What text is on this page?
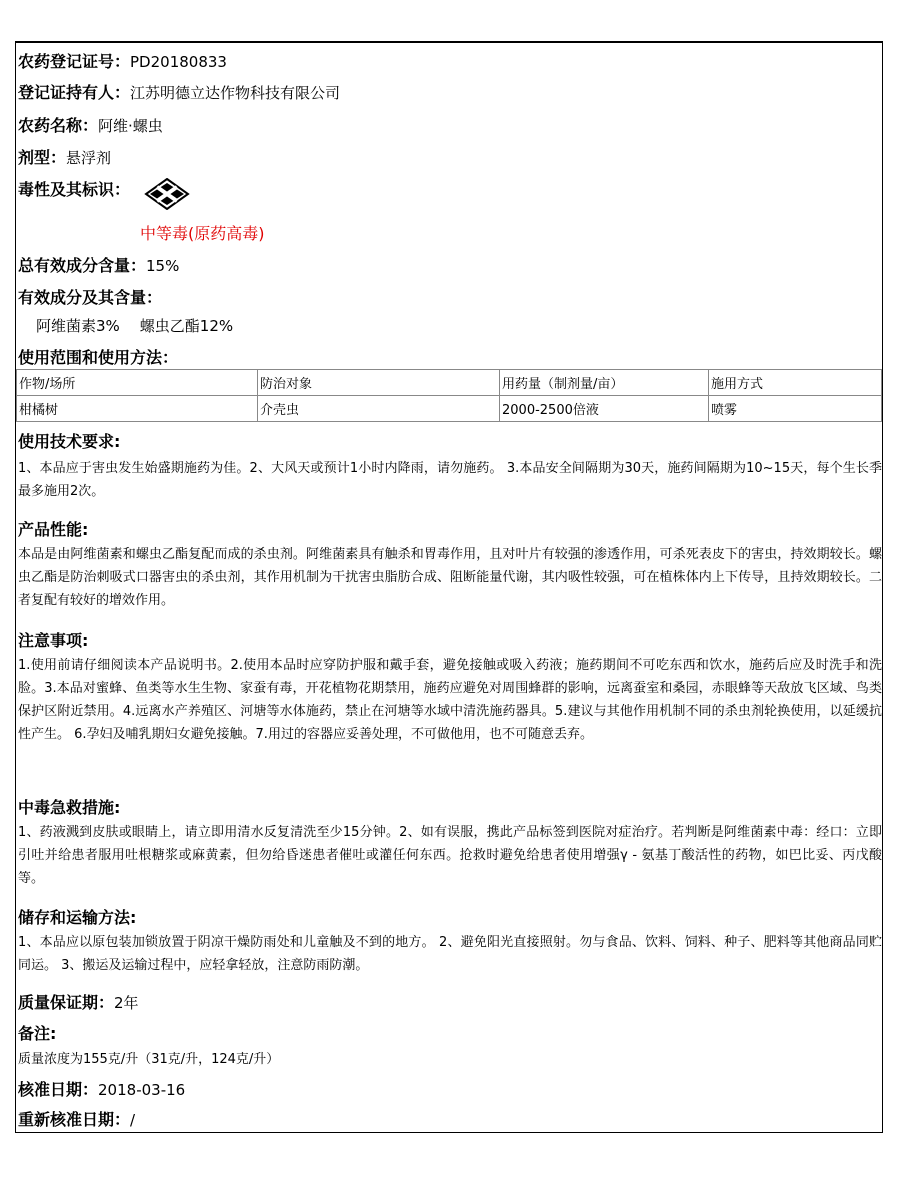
农药登记证号：PD20180833
登记证持有人：江苏明德立达作物科技有限公司
农药名称：阿维·螺虫
剂型：悬浮剂
毒性及其标识：
中等毒(原药高毒)
总有效成分含量：15%
有效成分及其含量：
阿维菌素3% 螺虫乙酯12%
使用范围和使用方法：
作物/场所	防治对象	用药量（制剂量/亩）	施用方式
柑橘树	介壳虫	2000-2500倍液	喷雾
使用技术要求:
1、本品应于害虫发生始盛期施药为佳。2、大风天或预计1小时内降雨，请勿施药。 3.本品安全间隔期为30天，施药间隔期为10~15天，每个生长季最多施用2次。
产品性能:
本品是由阿维菌素和螺虫乙酯复配而成的杀虫剂。阿维菌素具有触杀和胃毒作用，且对叶片有较强的渗透作用，可杀死表皮下的害虫，持效期较长。螺虫乙酯是防治刺吸式口器害虫的杀虫剂，其作用机制为干扰害虫脂肪合成、阻断能量代谢，其内吸性较强，可在植株体内上下传导，且持效期较长。二者复配有较好的增效作用。
注意事项:
1.使用前请仔细阅读本产品说明书。2.使用本品时应穿防护服和戴手套，避免接触或吸入药液；施药期间不可吃东西和饮水，施药后应及时洗手和洗脸。3.本品对蜜蜂、鱼类等水生生物、家蚕有毒，开花植物花期禁用，施药应避免对周围蜂群的影响，远离蚕室和桑园，赤眼蜂等天敌放飞区域、鸟类保护区附近禁用。4.远离水产养殖区、河塘等水体施药，禁止在河塘等水域中清洗施药器具。5.建议与其他作用机制不同的杀虫剂轮换使用，以延缓抗性产生。 6.孕妇及哺乳期妇女避免接触。7.用过的容器应妥善处理，不可做他用，也不可随意丢弃。
中毒急救措施:
1、药液溅到皮肤或眼睛上，请立即用清水反复清洗至少15分钟。2、如有误服，携此产品标签到医院对症治疗。若判断是阿维菌素中毒：经口：立即引吐并给患者服用吐根糖浆或麻黄素，但勿给昏迷患者催吐或灌任何东西。抢救时避免给患者使用增强γ - 氨基丁酸活性的药物，如巴比妥、丙戊酸等。
储存和运输方法:
1、本品应以原包装加锁放置于阴凉干燥防雨处和儿童触及不到的地方。 2、避免阳光直接照射。勿与食品、饮料、饲料、种子、肥料等其他商品同贮同运。 3、搬运及运输过程中，应轻拿轻放，注意防雨防潮。
质量保证期：2年
备注:
质量浓度为155克/升（31克/升，124克/升）
核准日期：2018-03-16
重新核准日期：/
